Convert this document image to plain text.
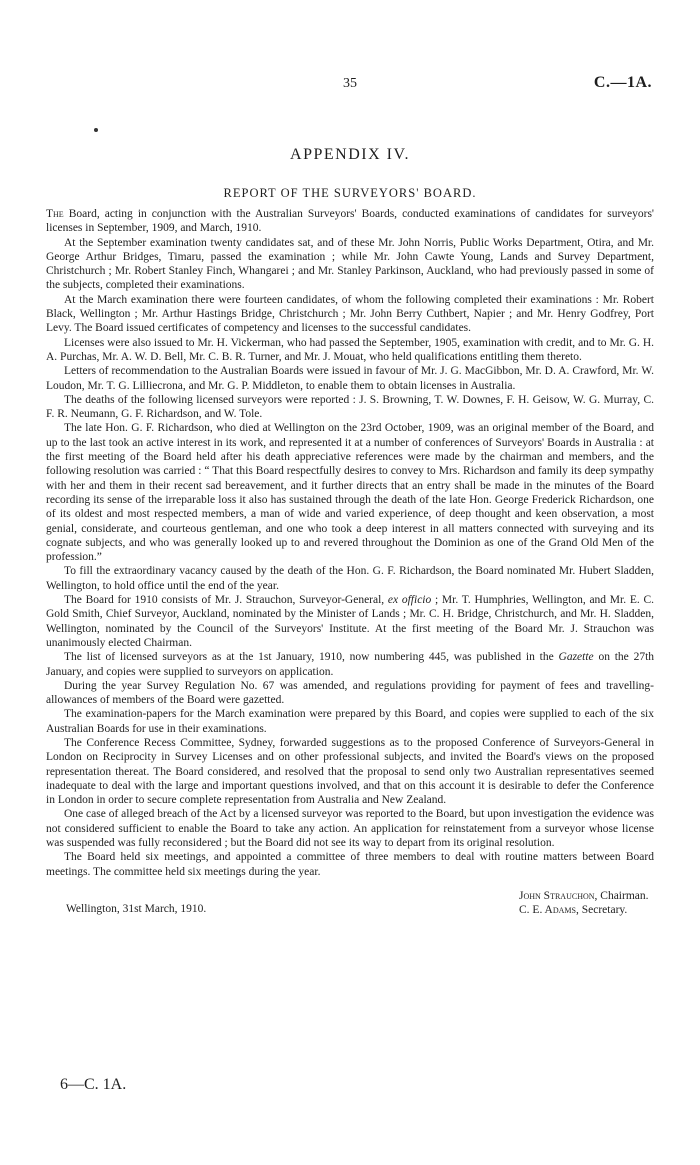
35	C.—1A.
APPENDIX IV.
REPORT OF THE SURVEYORS' BOARD.

The Board, acting in conjunction with the Australian Surveyors' Boards, conducted examinations of candidates for surveyors' licenses in September, 1909, and March, 1910.

At the September examination twenty candidates sat, and of these Mr. John Norris, Public Works Department, Otira, and Mr. George Arthur Bridges, Timaru, passed the examination ; while Mr. John Cawte Young, Lands and Survey Department, Christchurch ; Mr. Robert Stanley Finch, Whangarei ; and Mr. Stanley Parkinson, Auckland, who had previously passed in some of the subjects, completed their examinations.

At the March examination there were fourteen candidates, of whom the following completed their examinations : Mr. Robert Black, Wellington ; Mr. Arthur Hastings Bridge, Christchurch ; Mr. John Berry Cuthbert, Napier ; and Mr. Henry Godfrey, Port Levy. The Board issued certificates of competency and licenses to the successful candidates.

Licenses were also issued to Mr. H. Vickerman, who had passed the September, 1905, examination with credit, and to Mr. G. H. A. Purchas, Mr. A. W. D. Bell, Mr. C. B. R. Turner, and Mr. J. Mouat, who held qualifications entitling them thereto.

Letters of recommendation to the Australian Boards were issued in favour of Mr. J. G. MacGibbon, Mr. D. A. Crawford, Mr. W. Loudon, Mr. T. G. Lilliecrona, and Mr. G. P. Middleton, to enable them to obtain licenses in Australia.

The deaths of the following licensed surveyors were reported : J. S. Browning, T. W. Downes, F. H. Geisow, W. G. Murray, C. F. R. Neumann, G. F. Richardson, and W. Tole.

The late Hon. G. F. Richardson, who died at Wellington on the 23rd October, 1909, was an original member of the Board, and up to the last took an active interest in its work, and represented it at a number of conferences of Surveyors' Boards in Australia : at the first meeting of the Board held after his death appreciative references were made by the chairman and members, and the following resolution was carried : “ That this Board respectfully desires to convey to Mrs. Richardson and family its deep sympathy with her and them in their recent sad bereavement, and it further directs that an entry shall be made in the minutes of the Board recording its sense of the irreparable loss it also has sustained through the death of the late Hon. George Frederick Richardson, one of its oldest and most respected members, a man of wide and varied experience, of deep thought and keen observation, a most genial, considerate, and courteous gentleman, and one who took a deep interest in all matters connected with surveying and its cognate subjects, and who was generally looked up to and revered throughout the Dominion as one of the Grand Old Men of the profession.”

To fill the extraordinary vacancy caused by the death of the Hon. G. F. Richardson, the Board nominated Mr. Hubert Sladden, Wellington, to hold office until the end of the year.

The Board for 1910 consists of Mr. J. Strauchon, Surveyor-General, ex officio ; Mr. T. Humphries, Wellington, and Mr. E. C. Gold Smith, Chief Surveyor, Auckland, nominated by the Minister of Lands ; Mr. C. H. Bridge, Christchurch, and Mr. H. Sladden, Wellington, nominated by the Council of the Surveyors' Institute. At the first meeting of the Board Mr. J. Strauchon was unanimously elected Chairman.

The list of licensed surveyors as at the 1st January, 1910, now numbering 445, was published in the Gazette on the 27th January, and copies were supplied to surveyors on application.

During the year Survey Regulation No. 67 was amended, and regulations providing for payment of fees and travelling-allowances of members of the Board were gazetted.

The examination-papers for the March examination were prepared by this Board, and copies were supplied to each of the six Australian Boards for use in their examinations.

The Conference Recess Committee, Sydney, forwarded suggestions as to the proposed Conference of Surveyors-General in London on Reciprocity in Survey Licenses and on other professional subjects, and invited the Board's views on the proposed representation thereat. The Board considered, and resolved that the proposal to send only two Australian representatives seemed inadequate to deal with the large and important questions involved, and that on this account it is desirable to defer the Conference in London in order to secure complete representation from Australia and New Zealand.

One case of alleged breach of the Act by a licensed surveyor was reported to the Board, but upon investigation the evidence was not considered sufficient to enable the Board to take any action. An application for reinstatement from a surveyor whose license was suspended was fully reconsidered ; but the Board did not see its way to depart from its original resolution.

The Board held six meetings, and appointed a committee of three members to deal with routine matters between Board meetings. The committee held six meetings during the year.

John Strauchon, Chairman.
C. E. Adams, Secretary.
Wellington, 31st March, 1910.
6—C. 1A.
